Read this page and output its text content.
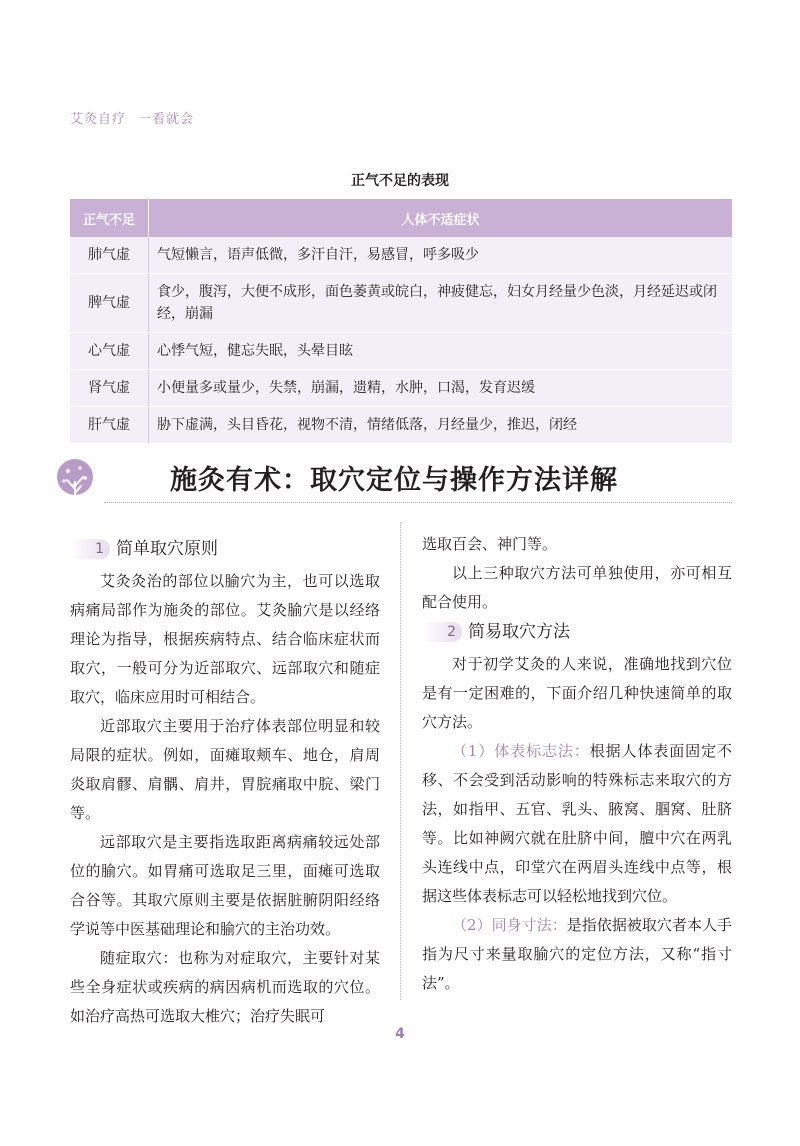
艾灸自疗 一看就会
正气不足的表现
正气不足	人体不适症状
肺气虚	气短懒言，语声低微，多汗自汗，易感冒，呼多吸少
脾气虚	食少，腹泻，大便不成形，面色萎黄或皖白，神疲健忘，妇女月经量少色淡，月经延迟或闭经，崩漏
心气虚	心悸气短，健忘失眠，头晕目眩
肾气虚	小便量多或量少，失禁，崩漏，遗精，水肿，口渴，发育迟缓
肝气虚	胁下虚满，头目昏花，视物不清，情绪低落，月经量少，推迟，闭经
施灸有术：取穴定位与操作方法详解
1 简单取穴原则

艾灸灸治的部位以腧穴为主，也可以选取病痛局部作为施灸的部位。艾灸腧穴是以经络理论为指导，根据疾病特点、结合临床症状而取穴，一般可分为近部取穴、远部取穴和随症取穴，临床应用时可相结合。

近部取穴主要用于治疗体表部位明显和较局限的症状。例如，面瘫取颊车、地仓，肩周炎取肩髎、肩髃、肩井，胃脘痛取中脘、梁门等。

远部取穴是主要指选取距离病痛较远处部位的腧穴。如胃痛可选取足三里，面瘫可选取合谷等。其取穴原则主要是依据脏腑阴阳经络学说等中医基础理论和腧穴的主治功效。

随症取穴：也称为对症取穴，主要针对某些全身症状或疾病的病因病机而选取的穴位。如治疗高热可选取大椎穴；治疗失眠可

选取百会、神门等。

以上三种取穴方法可单独使用，亦可相互配合使用。

2 简易取穴方法

对于初学艾灸的人来说，准确地找到穴位是有一定困难的，下面介绍几种快速简单的取穴方法。

（1）体表标志法：根据人体表面固定不移、不会受到活动影响的特殊标志来取穴的方法，如指甲、五官、乳头、腋窝、腘窝、肚脐等。比如神阙穴就在肚脐中间，膻中穴在两乳头连线中点，印堂穴在两眉头连线中点等，根据这些体表标志可以轻松地找到穴位。

（2）同身寸法：是指依据被取穴者本人手指为尺寸来量取腧穴的定位方法，又称“指寸法”。

4
